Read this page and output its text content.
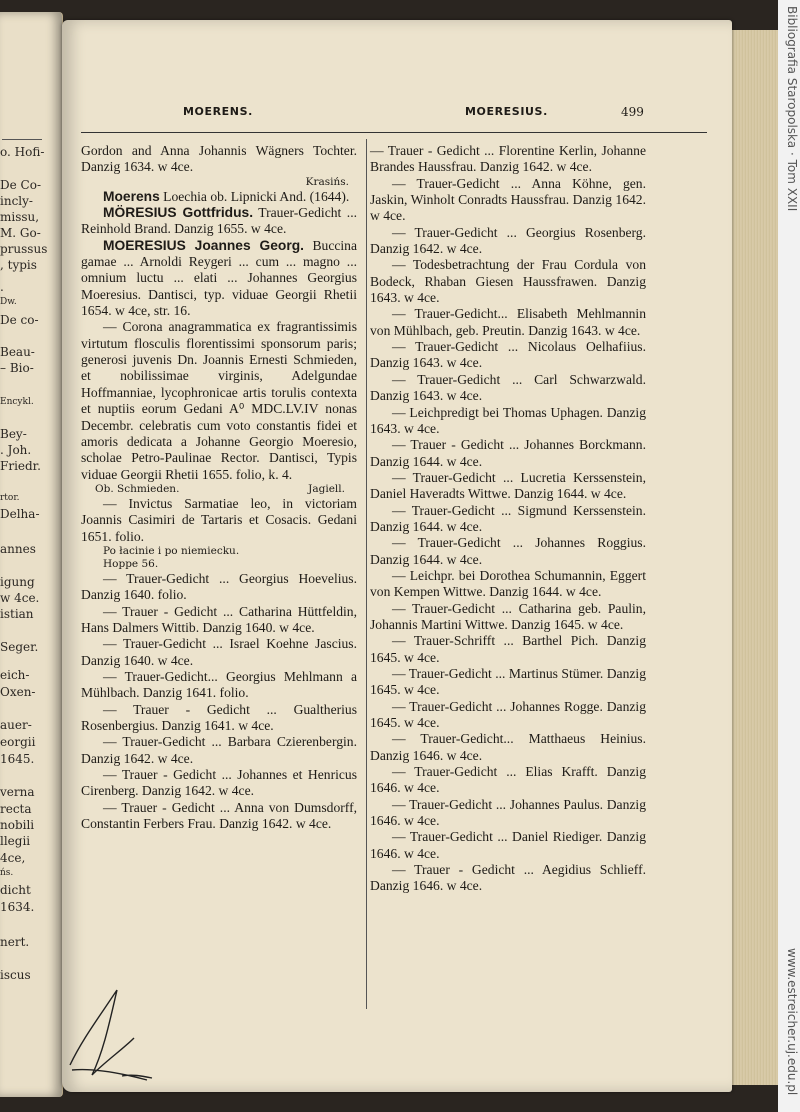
o. Hofi-
De Co-
incly-
missu,
M. Go-
prussus
, typis
.
Dw.
De co-
Beau-
– Bio-
Encykl.
Bey-
. Joh.
Friedr.
rtor.
Delha-
annes
igung
w 4ce.
istian
Seger.
eich-
Oxen-
auer-
eorgii
1645.
verna
recta
nobili
llegii
4ce,
ńs.
dicht
1634.
nert.
iscus
Bibliografia Staropolska · Tom XXII
www.estreicher.uj.edu.pl
MOERENS.	MOERESIUS.	499

Gordon and Anna Johannis Wägners Tochter. Danzig 1634. w 4ce.

Krasińs.

Moerens Loechia ob. Lipnicki And. (1644).

MÖRESIUS Gottfridus. Trauer-Gedicht ... Reinhold Brand. Danzig 1655. w 4ce.

MOERESIUS Joannes Georg. Buccina gamae ... Arnoldi Reygeri ... cum ... magno ... omnium luctu ... elati ... Johannes Georgius Moeresius. Dantisci, typ. viduae Georgii Rhetii 1654. w 4ce, str. 16.

— Corona anagrammatica ex fragrantissimis virtutum flosculis florentissimi sponsorum paris; generosi juvenis Dn. Joannis Ernesti Schmieden, et nobilissimae virginis, Adelgundae Hoffmanniae, lycophronicae artis torulis contexta et nuptiis eorum Gedani A⁰ MDC.LV.IV nonas Decembr. celebratis cum voto constantis fidei et amoris dedicata a Johanne Georgio Moeresio, scholae Petro-Paulinae Rector. Dantisci, Typis viduae Georgii Rhetii 1655. folio, k. 4.

Ob. Schmieden.	Jagiell.

— Invictus Sarmatiae leo, in victoriam Joannis Casimiri de Tartaris et Cosacis. Gedani 1651. folio.

Po łacinie i po niemiecku.
Hoppe 56.

— Trauer-Gedicht ... Georgius Hoevelius. Danzig 1640. folio.

— Trauer - Gedicht ... Catharina Hüttfeldin, Hans Dalmers Wittib. Danzig 1640. w 4ce.

— Trauer-Gedicht ... Israel Koehne Jascius. Danzig 1640. w 4ce.

— Trauer-Gedicht... Georgius Mehlmann a Mühlbach. Danzig 1641. folio.

— Trauer - Gedicht ... Gualtherius Rosenbergius. Danzig 1641. w 4ce.

— Trauer-Gedicht ... Barbara Czierenbergin. Danzig 1642. w 4ce.

— Trauer - Gedicht ... Johannes et Henricus Cirenberg. Danzig 1642. w 4ce.

— Trauer - Gedicht ... Anna von Dumsdorff, Constantin Ferbers Frau. Danzig 1642. w 4ce.

— Trauer - Gedicht ... Florentine Kerlin, Johanne Brandes Haussfrau. Danzig 1642. w 4ce.

— Trauer-Gedicht ... Anna Köhne, gen. Jaskin, Winholt Conradts Haussfrau. Danzig 1642. w 4ce.

— Trauer-Gedicht ... Georgius Rosenberg. Danzig 1642. w 4ce.

— Todesbetrachtung der Frau Cordula von Bodeck, Rhaban Giesen Haussfrawen. Danzig 1643. w 4ce.

— Trauer-Gedicht... Elisabeth Mehlmannin von Mühlbach, geb. Preutin. Danzig 1643. w 4ce.

— Trauer-Gedicht ... Nicolaus Oelhafiius. Danzig 1643. w 4ce.

— Trauer-Gedicht ... Carl Schwarzwald. Danzig 1643. w 4ce.

— Leichpredigt bei Thomas Uphagen. Danzig 1643. w 4ce.

— Trauer - Gedicht ... Johannes Borckmann. Danzig 1644. w 4ce.

— Trauer-Gedicht ... Lucretia Kerssenstein, Daniel Haveradts Wittwe. Danzig 1644. w 4ce.

— Trauer-Gedicht ... Sigmund Kerssenstein. Danzig 1644. w 4ce.

— Trauer-Gedicht ... Johannes Roggius. Danzig 1644. w 4ce.

— Leichpr. bei Dorothea Schumannin, Eggert von Kempen Wittwe. Danzig 1644. w 4ce.

— Trauer-Gedicht ... Catharina geb. Paulin, Johannis Martini Wittwe. Danzig 1645. w 4ce.

— Trauer-Schrifft ... Barthel Pich. Danzig 1645. w 4ce.

— Trauer-Gedicht ... Martinus Stümer. Danzig 1645. w 4ce.

— Trauer-Gedicht ... Johannes Rogge. Danzig 1645. w 4ce.

— Trauer-Gedicht... Matthaeus Heinius. Danzig 1646. w 4ce.

— Trauer-Gedicht ... Elias Krafft. Danzig 1646. w 4ce.

— Trauer-Gedicht ... Johannes Paulus. Danzig 1646. w 4ce.

— Trauer-Gedicht ... Daniel Riediger. Danzig 1646. w 4ce.

— Trauer - Gedicht ... Aegidius Schlieff. Danzig 1646. w 4ce.
